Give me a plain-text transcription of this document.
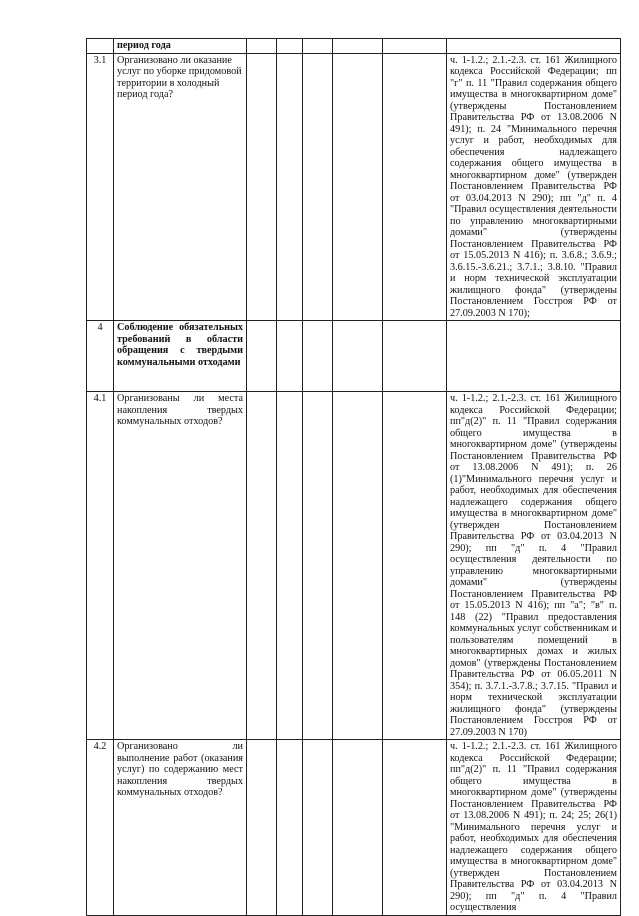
	период года						
3.1	Организовано ли оказание услуг по уборке придомовой территории в холодный период года?						ч. 1-1.2.; 2.1.-2.3. ст. 161 Жилищного кодекса Российской Федерации; пп "г" п. 11 "Правил содержания общего имущества в многоквартирном доме" (утверждены Постановлением Правительства РФ от 13.08.2006 N 491); п. 24 "Минимального перечня услуг и работ, необходимых для обеспечения надлежащего содержания общего имущества в многоквартирном доме" (утвержден Постановлением Правительства РФ от 03.04.2013 N 290); пп "д" п. 4 "Правил осуществления деятельности по управлению многоквартирными домами" (утверждены Постановлением Правительства РФ от 15.05.2013 N 416); п. 3.6.8.; 3.6.9.; 3.6.15.-3.6.21.; 3.7.1.; 3.8.10. "Правил и норм технической эксплуатации жилищного фонда" (утверждены Постановлением Госстроя РФ от 27.09.2003 N 170);
4	Соблюдение обязательных требований в области обращения с твердыми коммунальными отходами						
4.1	Организованы ли места накопления твердых коммунальных отходов?						ч. 1-1.2.; 2.1.-2.3. ст. 161 Жилищного кодекса Российской Федерации; пп"д(2)" п. 11 "Правил содержания общего имущества в многоквартирном доме" (утверждены Постановлением Правительства РФ от 13.08.2006 N 491); п. 26 (1)"Минимального перечня услуг и работ, необходимых для обеспечения надлежащего содержания общего имущества в многоквартирном доме" (утвержден Постановлением Правительства РФ от 03.04.2013 N 290); пп "д" п. 4 "Правил осуществления деятельности по управлению многоквартирными домами" (утверждены Постановлением Правительства РФ от 15.05.2013 N 416); пп "а"; "в" п. 148 (22) "Правил предоставления коммунальных услуг собственникам и пользователям помещений в многоквартирных домах и жилых домов" (утверждены Постановлением Правительства РФ от 06.05.2011 N 354); п. 3.7.1.-3.7.8.; 3.7.15. "Правил и норм технической эксплуатации жилищного фонда" (утверждены Постановлением Госстроя РФ от 27.09.2003 N 170)
4.2	Организовано ли выполнение работ (оказания услуг) по содержанию мест накопления твердых коммунальных отходов?						ч. 1-1.2.; 2.1.-2.3. ст. 161 Жилищного кодекса Российской Федерации; пп"д(2)" п. 11 "Правил содержания общего имущества в многоквартирном доме" (утверждены Постановлением Правительства РФ от 13.08.2006 N 491); п. 24; 25; 26(1) "Минимального перечня услуг и работ, необходимых для обеспечения надлежащего содержания общего имущества в многоквартирном доме" (утвержден Постановлением Правительства РФ от 03.04.2013 N 290); пп "д" п. 4 "Правил осуществления
